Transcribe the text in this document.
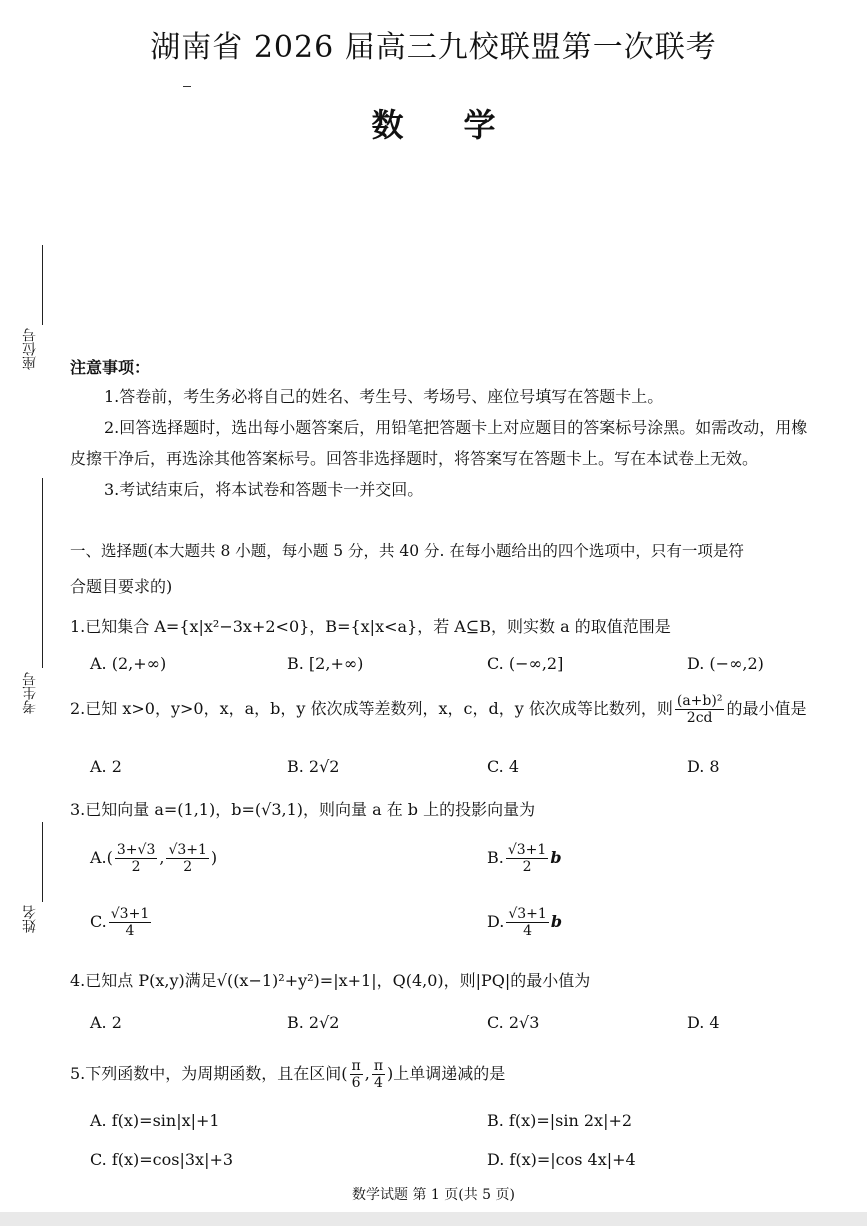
湖南省 2026 届高三九校联盟第一次联考
数学
座位号
考生号
姓名
注意事项：
1.答卷前，考生务必将自己的姓名、考生号、考场号、座位号填写在答题卡上。
2.回答选择题时，选出每小题答案后，用铅笔把答题卡上对应题目的答案标号涂黑。如需改动，用橡
皮擦干净后，再选涂其他答案标号。回答非选择题时，将答案写在答题卡上。写在本试卷上无效。
3.考试结束后，将本试卷和答题卡一并交回。
一、选择题(本大题共 8 小题，每小题 5 分，共 40 分. 在每小题给出的四个选项中，只有一项是符
合题目要求的)
1.已知集合 A={x|x²−3x+2<0}，B={x|x<a}，若 A⊆B，则实数 a 的取值范围是
A. (2,+∞)	B. [2,+∞)	C. (−∞,2]	D. (−∞,2)
2.已知 x>0，y>0，x，a，b，y 依次成等差数列，x，c，d，y 依次成等比数列，则 $\frac{\text{(a+b)²}}{2cd}$ 的最小值是
A. 2	B. 2√2	C. 4	D. 8
3.已知向量 a=(1,1)，b=(√3,1)，则向量 a 在 b 上的投影向量为
$A.( \frac{3+√3}{2}$ , $\frac{√3+1}{2}$ )	B. $\frac{√3+1}{2}$ b
C. $\frac{√3+1}{4}$	D. $\frac{√3+1}{4}$ b
4.已知点 P(x,y)满足√((x−1)²+y²)=|x+1|，Q(4,0)，则|PQ|的最小值为
A. 2	B. 2√2	C. 2√3	D. 4
5.下列函数中，为周期函数，且在区间( $\frac{\pi}{6}$ , $\frac{\pi}{4}$ )上单调递减的是
A. f(x)=sin|x|+1	B. f(x)=|sin 2x|+2
C. f(x)=cos|3x|+3	D. f(x)=|cos 4x|+4
数学试题 第 1 页(共 5 页)
